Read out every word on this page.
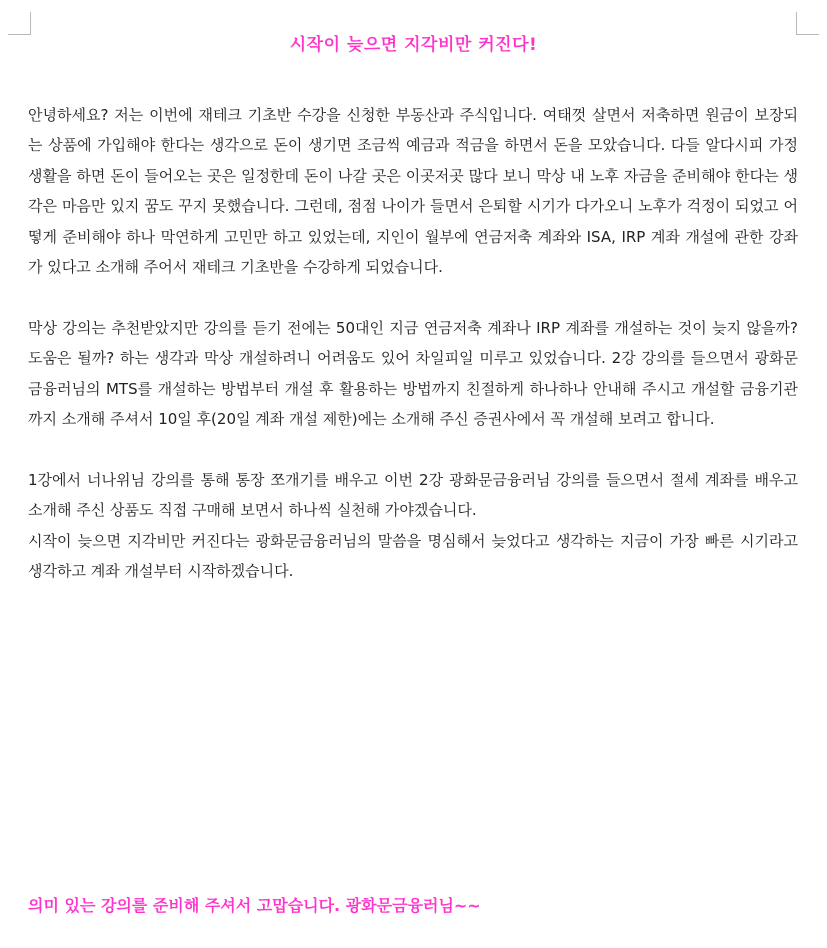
시작이 늦으면 지각비만 커진다!

안녕하세요? 저는 이번에 재테크 기초반 수강을 신청한 부동산과 주식입니다. 여태껏 살면서 저축하면 원금이 보장되는 상품에 가입해야 한다는 생각으로 돈이 생기면 조금씩 예금과 적금을 하면서 돈을 모았습니다. 다들 알다시피 가정생활을 하면 돈이 들어오는 곳은 일정한데 돈이 나갈 곳은 이곳저곳 많다 보니 막상 내 노후 자금을 준비해야 한다는 생각은 마음만 있지 꿈도 꾸지 못했습니다. 그런데, 점점 나이가 들면서 은퇴할 시기가 다가오니 노후가 걱정이 되었고 어떻게 준비해야 하나 막연하게 고민만 하고 있었는데, 지인이 월부에 연금저축 계좌와 ISA, IRP 계좌 개설에 관한 강좌가 있다고 소개해 주어서 재테크 기초반을 수강하게 되었습니다.

막상 강의는 추천받았지만 강의를 듣기 전에는 50대인 지금 연금저축 계좌나 IRP 계좌를 개설하는 것이 늦지 않을까? 도움은 될까? 하는 생각과 막상 개설하려니 어려움도 있어 차일피일 미루고 있었습니다. 2강 강의를 들으면서 광화문금융러님의 MTS를 개설하는 방법부터 개설 후 활용하는 방법까지 친절하게 하나하나 안내해 주시고 개설할 금융기관까지 소개해 주셔서 10일 후(20일 계좌 개설 제한)에는 소개해 주신 증권사에서 꼭 개설해 보려고 합니다.

1강에서 너나위님 강의를 통해 통장 쪼개기를 배우고 이번 2강 광화문금융러님 강의를 들으면서 절세 계좌를 배우고 소개해 주신 상품도 직접 구매해 보면서 하나씩 실천해 가야겠습니다.

시작이 늦으면 지각비만 커진다는 광화문금융러님의 말씀을 명심해서 늦었다고 생각하는 지금이 가장 빠른 시기라고 생각하고 계좌 개설부터 시작하겠습니다.

의미 있는 강의를 준비해 주셔서 고맙습니다. 광화문금융러님~~
